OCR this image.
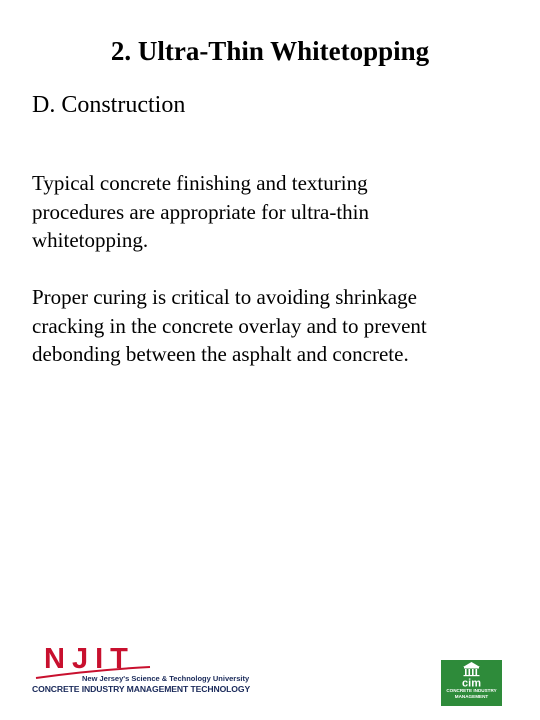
2. Ultra-Thin Whitetopping
D. Construction
Typical concrete finishing and texturing
procedures are appropriate for ultra-thin
whitetopping.
Proper curing is critical to avoiding shrinkage
cracking in the concrete overlay and to prevent
debonding between the asphalt and concrete.
NJIT
New Jersey's Science & Technology University
CONCRETE INDUSTRY MANAGEMENT TECHNOLOGY	cim
CONCRETE INDUSTRY
MANAGEMENT
